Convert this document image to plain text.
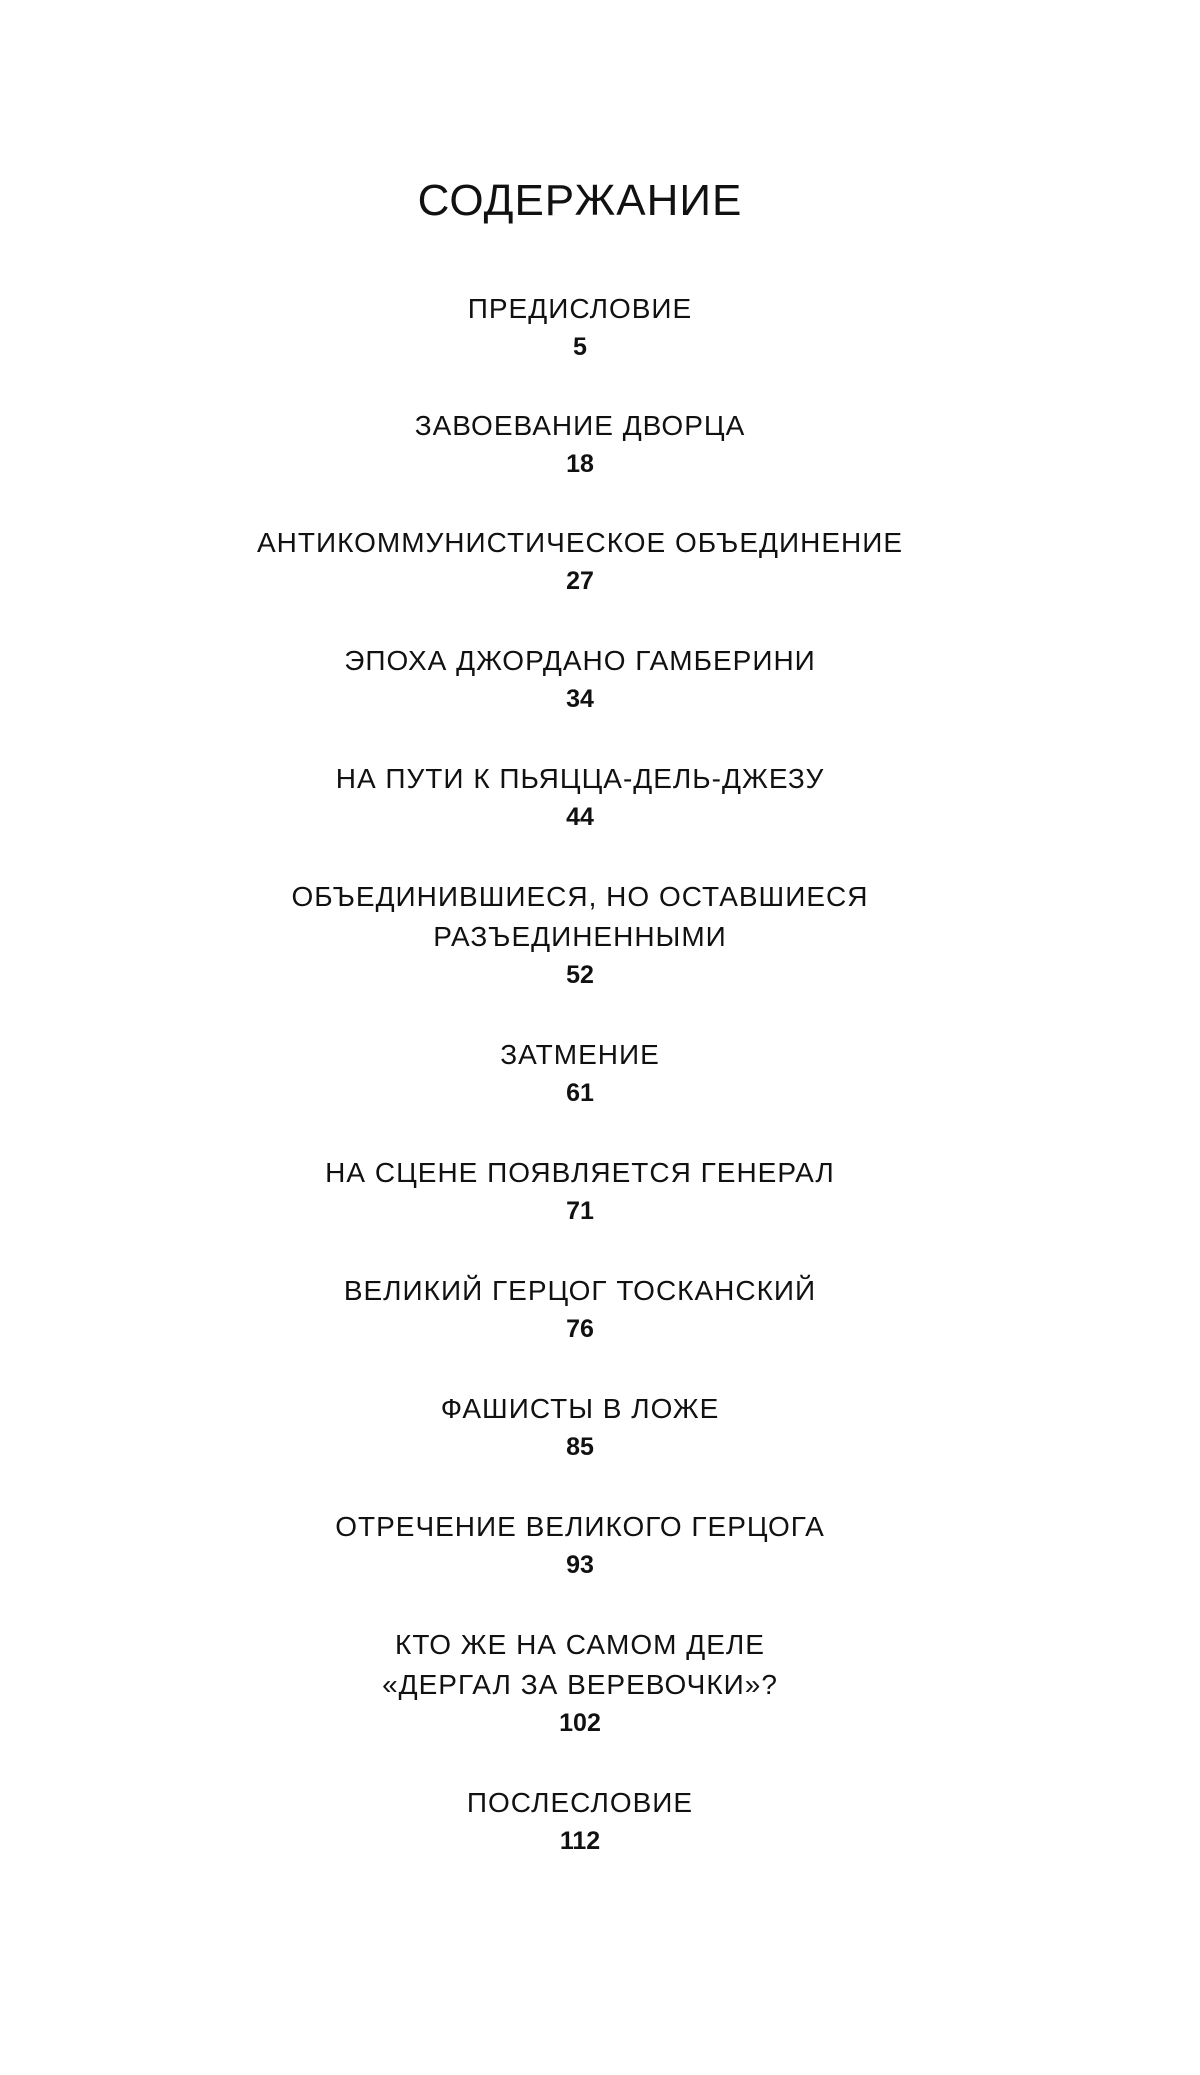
СОДЕРЖАНИЕ
ПРЕДИСЛОВИЕ
5
ЗАВОЕВАНИЕ ДВОРЦА
18
АНТИКОММУНИСТИЧЕСКОЕ ОБЪЕДИНЕНИЕ
27
ЭПОХА ДЖОРДАНО ГАМБЕРИНИ
34
НА ПУТИ К ПЬЯЦЦА-ДЕЛЬ-ДЖЕЗУ
44
ОБЪЕДИНИВШИЕСЯ, НО ОСТАВШИЕСЯ
РАЗЪЕДИНЕННЫМИ
52
ЗАТМЕНИЕ
61
НА СЦЕНЕ ПОЯВЛЯЕТСЯ ГЕНЕРАЛ
71
ВЕЛИКИЙ ГЕРЦОГ ТОСКАНСКИЙ
76
ФАШИСТЫ В ЛОЖЕ
85
ОТРЕЧЕНИЕ ВЕЛИКОГО ГЕРЦОГА
93
КТО ЖЕ НА САМОМ ДЕЛЕ
«ДЕРГАЛ ЗА ВЕРЕВОЧКИ»?
102
ПОСЛЕСЛОВИЕ
112
